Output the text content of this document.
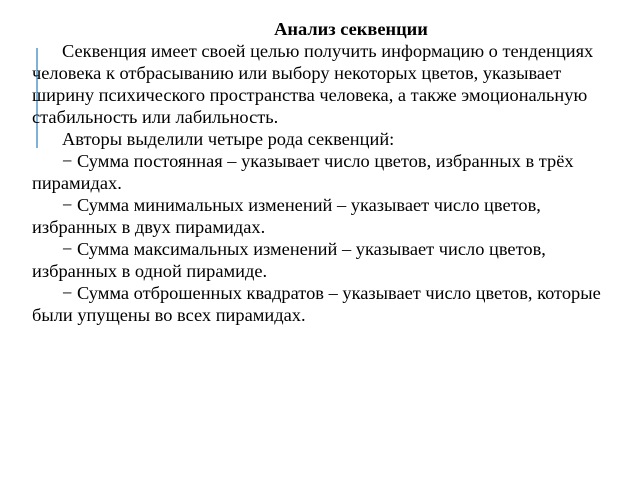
Анализ секвенции

Секвенция имеет своей целью получить информацию о тенденциях человека к отбрасыванию или выбору некоторых цветов, указывает ширину психического пространства человека, а также эмоциональную стабильность или лабильность.

Авторы выделили четыре рода секвенций:

− Сумма постоянная – указывает число цветов, избранных в трёх пирамидах.

− Сумма минимальных изменений – указывает число цветов, избранных в двух пирамидах.

− Сумма максимальных изменений – указывает число цветов, избранных в одной пирамиде.

− Сумма отброшенных квадратов – указывает число цветов, которые были упущены во всех пирамидах.
